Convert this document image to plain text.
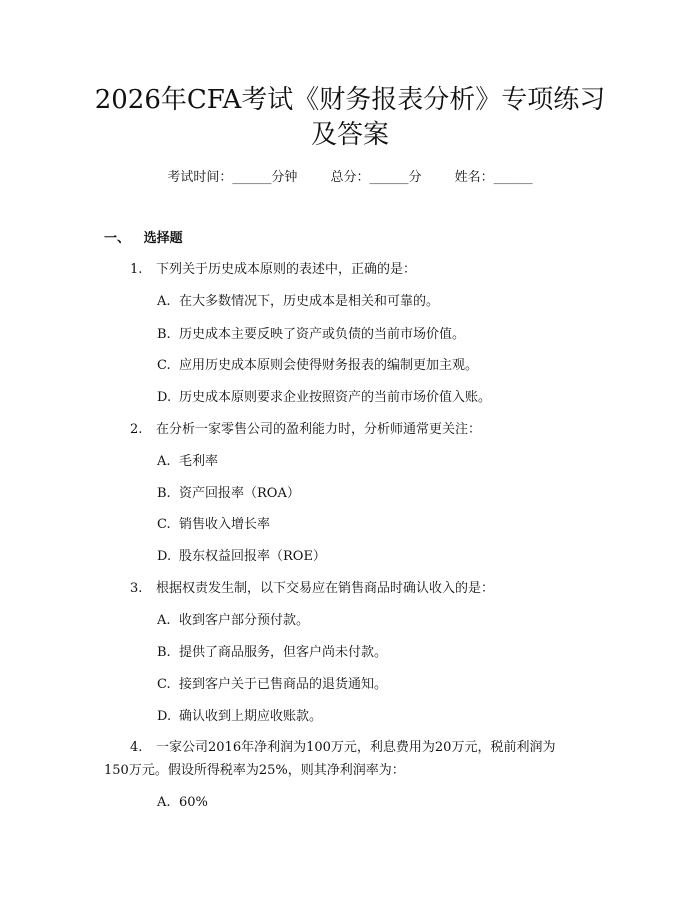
2026年CFA考试《财务报表分析》专项练习
及答案
考试时间：______分钟	总分：______分	姓名：______
一、   选择题
1. 下列关于历史成本原则的表述中，正确的是：
A. 在大多数情况下，历史成本是相关和可靠的。
B. 历史成本主要反映了资产或负债的当前市场价值。
C. 应用历史成本原则会使得财务报表的编制更加主观。
D. 历史成本原则要求企业按照资产的当前市场价值入账。
2. 在分析一家零售公司的盈利能力时，分析师通常更关注：
A. 毛利率
B. 资产回报率（ROA）
C. 销售收入增长率
D. 股东权益回报率（ROE）
3. 根据权责发生制，以下交易应在销售商品时确认收入的是：
A. 收到客户部分预付款。
B. 提供了商品服务，但客户尚未付款。
C. 接到客户关于已售商品的退货通知。
D. 确认收到上期应收账款。
4. 一家公司2016年净利润为100万元，利息费用为20万元，税前利润为
150万元。假设所得税率为25%，则其净利润率为：
A. 60%
